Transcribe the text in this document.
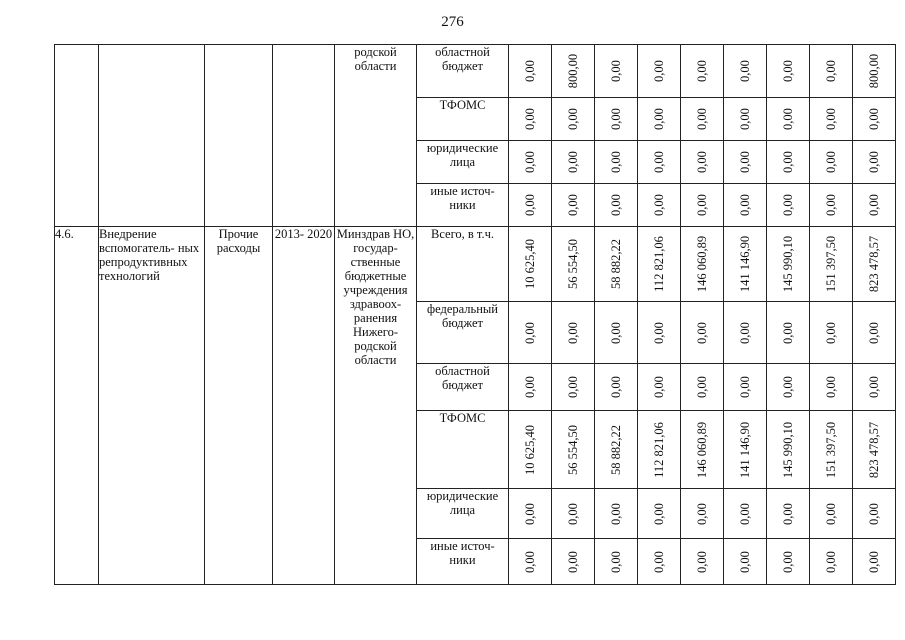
276
				родской области	областной бюджет	0,00	800,00	0,00	0,00	0,00	0,00	0,00	0,00	800,00

					ТФОМС	0,00	0,00	0,00	0,00	0,00	0,00	0,00	0,00	0,00

					юридические лица	0,00	0,00	0,00	0,00	0,00	0,00	0,00	0,00	0,00

					иные источ- ники	0,00	0,00	0,00	0,00	0,00	0,00	0,00	0,00	0,00

4.6.	Внедрение вспомогатель- ных репродуктивных технологий	Прочие расходы	2013- 2020	Минздрав НО, государ- ственные бюджетные учреждения здравоох- ранения Нижего- родской области	Всего, в т.ч.	10 625,40	56 554,50	58 882,22	112 821,06	146 060,89	141 146,90	145 990,10	151 397,50	823 478,57

					федеральный бюджет	0,00	0,00	0,00	0,00	0,00	0,00	0,00	0,00	0,00

					областной бюджет	0,00	0,00	0,00	0,00	0,00	0,00	0,00	0,00	0,00

					ТФОМС	10 625,40	56 554,50	58 882,22	112 821,06	146 060,89	141 146,90	145 990,10	151 397,50	823 478,57

					юридические лица	0,00	0,00	0,00	0,00	0,00	0,00	0,00	0,00	0,00

					иные источ- ники	0,00	0,00	0,00	0,00	0,00	0,00	0,00	0,00	0,00
